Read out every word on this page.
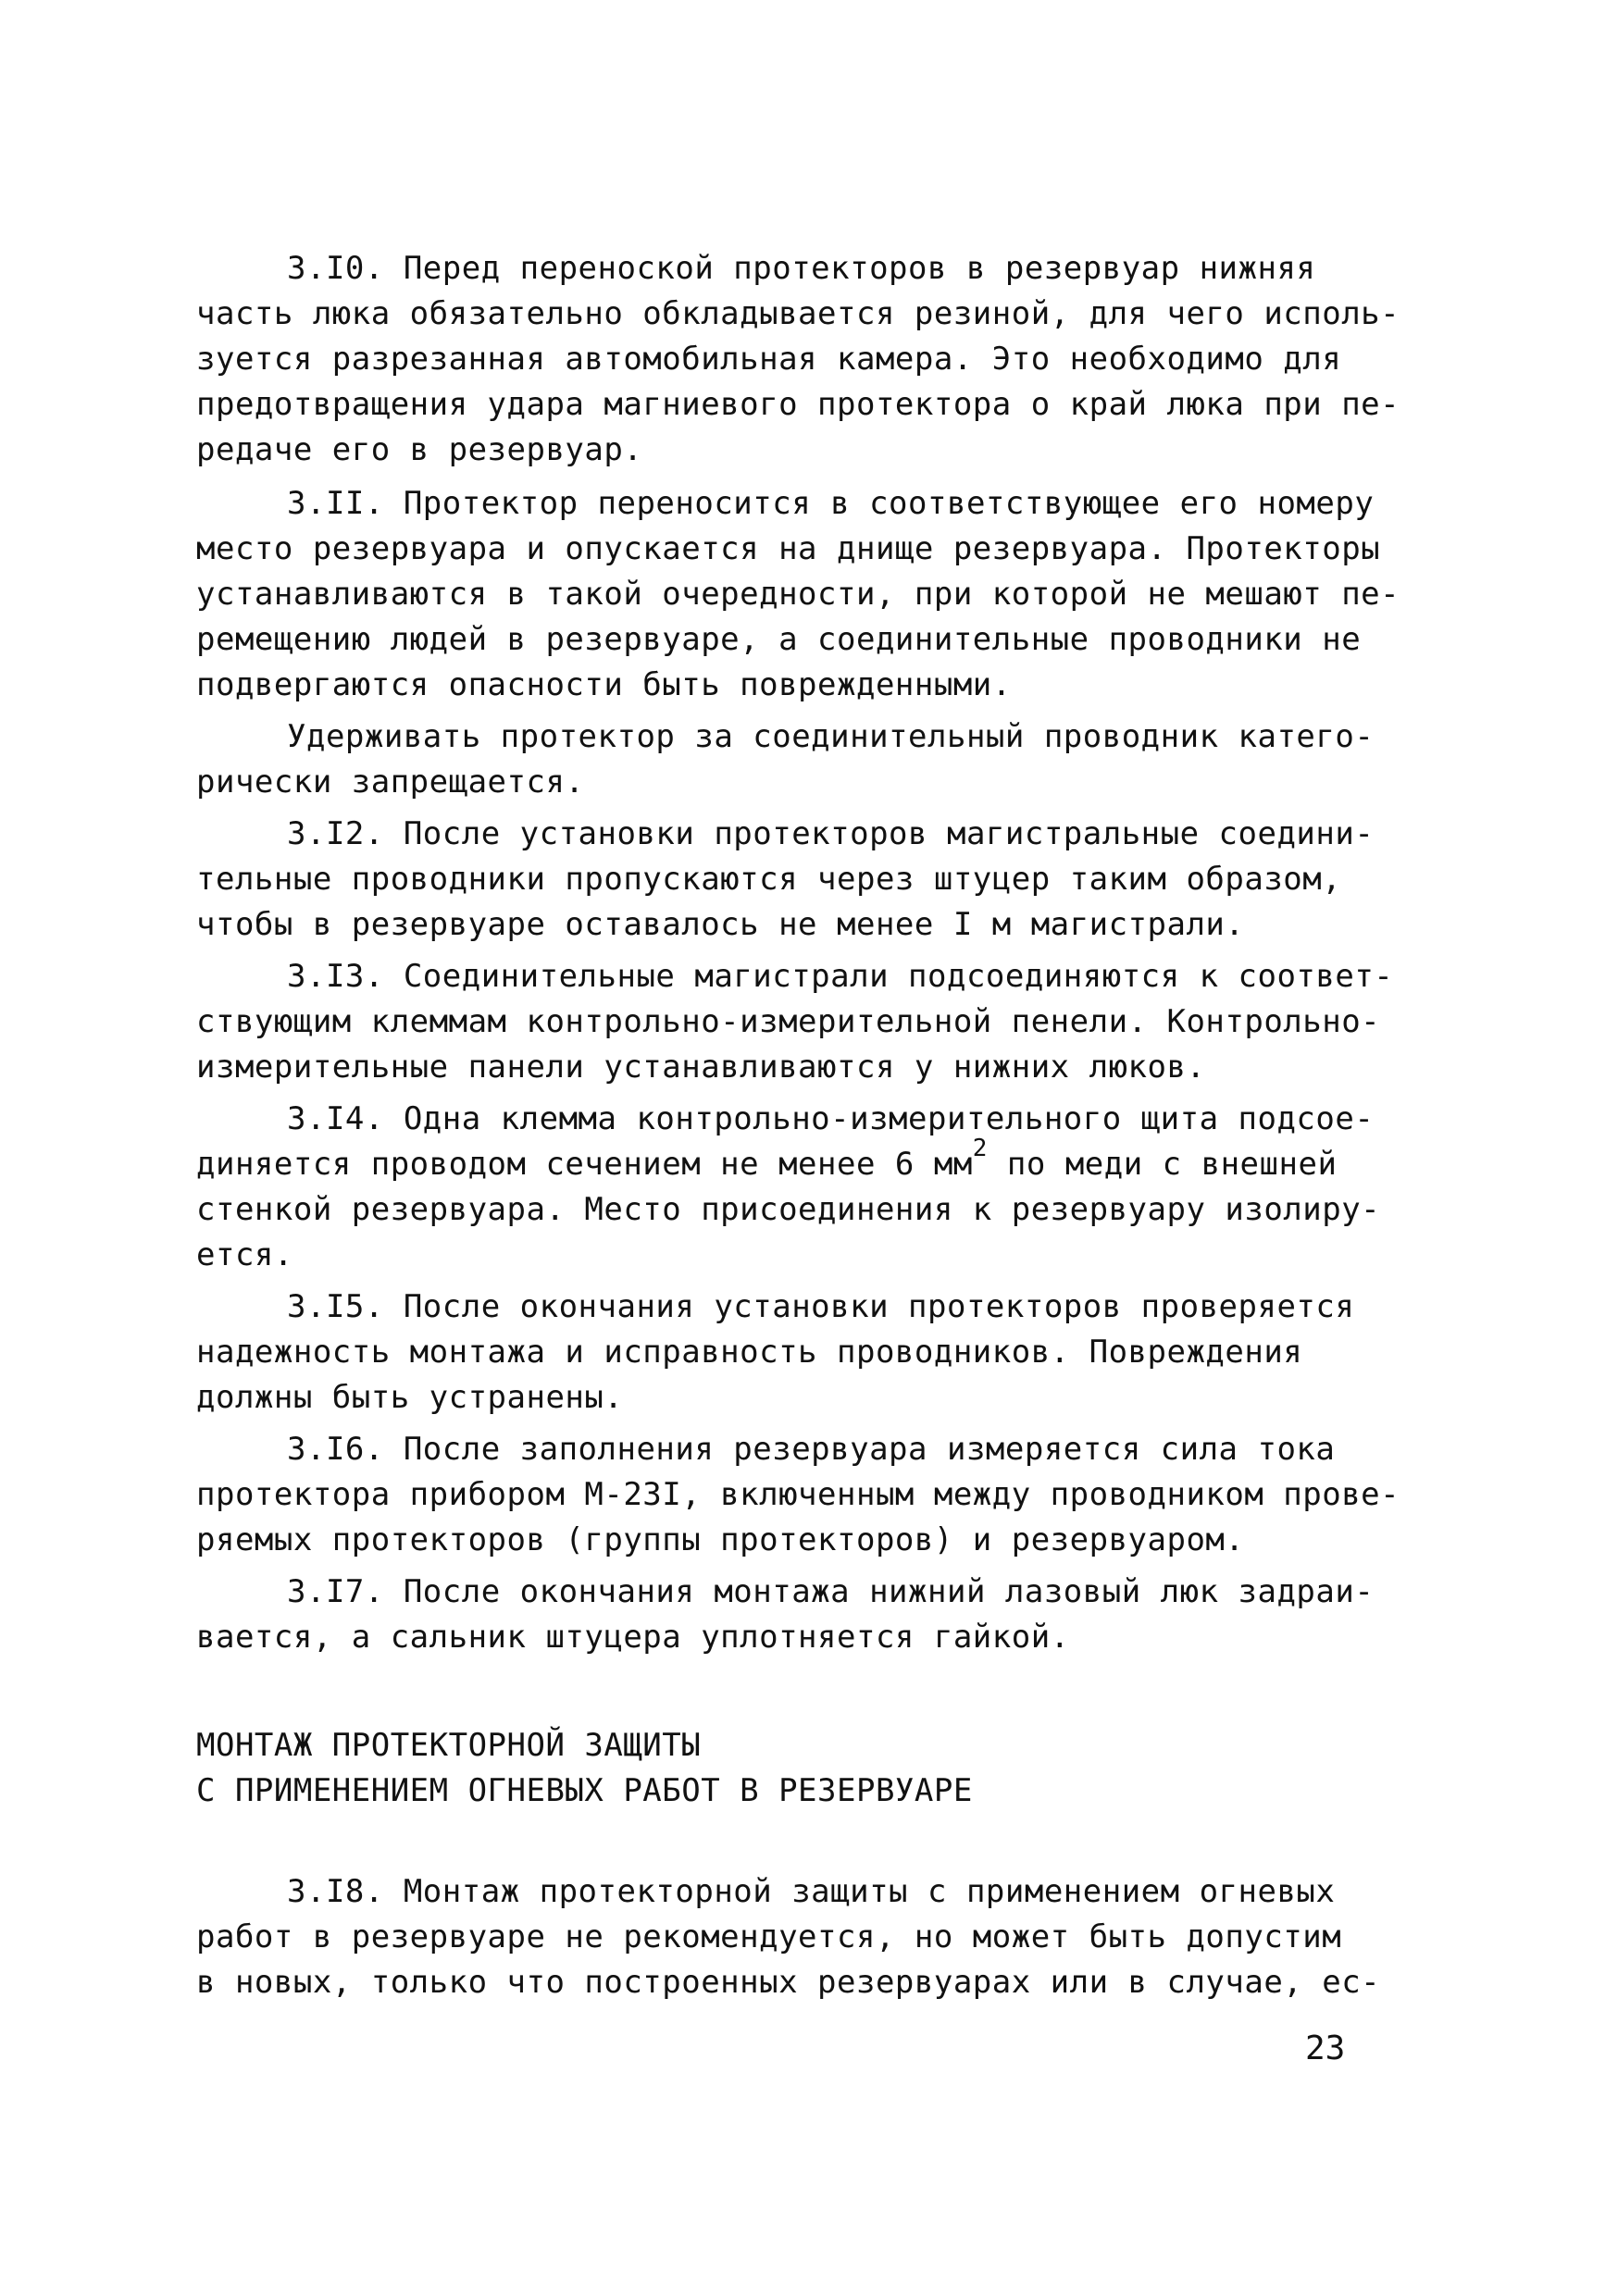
3.I0. Перед переноской протекторов в резервуар нижняя

часть люка обязательно обкладывается резиной, для чего исполь-

зуется разрезанная автомобильная камера. Это необходимо для

предотвращения удара магниевого протектора о край люка при пе-

редаче его в резервуар.

3.II. Протектор переносится в соответствующее его номеру

место резервуара и опускается на днище резервуара. Протекторы

устанавливаются в такой очередности, при которой не мешают пе-

ремещению людей в резервуаре, а соединительные проводники не

подвергаются опасности быть поврежденными.

Удерживать протектор за соединительный проводник катего-

рически запрещается.

3.I2. После установки протекторов магистральные соедини-

тельные проводники пропускаются через штуцер таким образом,

чтобы в резервуаре оставалось не менее I м магистрали.

3.I3. Соединительные магистрали подсоединяются к соответ-

ствующим клеммам контрольно-измерительной пенели. Контрольно-

измерительные панели устанавливаются у нижних люков.

3.I4. Одна клемма контрольно-измерительного щита подсое-

диняется проводом сечением не менее 6 $мм^2$ по меди с внешней

стенкой резервуара. Место присоединения к резервуару изолиру-

ется.

3.I5. После окончания установки протекторов проверяется

надежность монтажа и исправность проводников. Повреждения

должны быть устранены.

3.I6. После заполнения резервуара измеряется сила тока

протектора прибором М-23I, включенным между проводником прове-

ряемых протекторов (группы протекторов) и резервуаром.

3.I7. После окончания монтажа нижний лазовый люк задраи-

вается, а сальник штуцера уплотняется гайкой.

МОНТАЖ ПРОТЕКТОРНОЙ ЗАЩИТЫ

С ПРИМЕНЕНИЕМ ОГНЕВЫХ РАБОТ В РЕЗЕРВУАРЕ

3.I8. Монтаж протекторной защиты с применением огневых

работ в резервуаре не рекомендуется, но может быть допустим

в новых, только что построенных резервуарах или в случае, ес-

23
